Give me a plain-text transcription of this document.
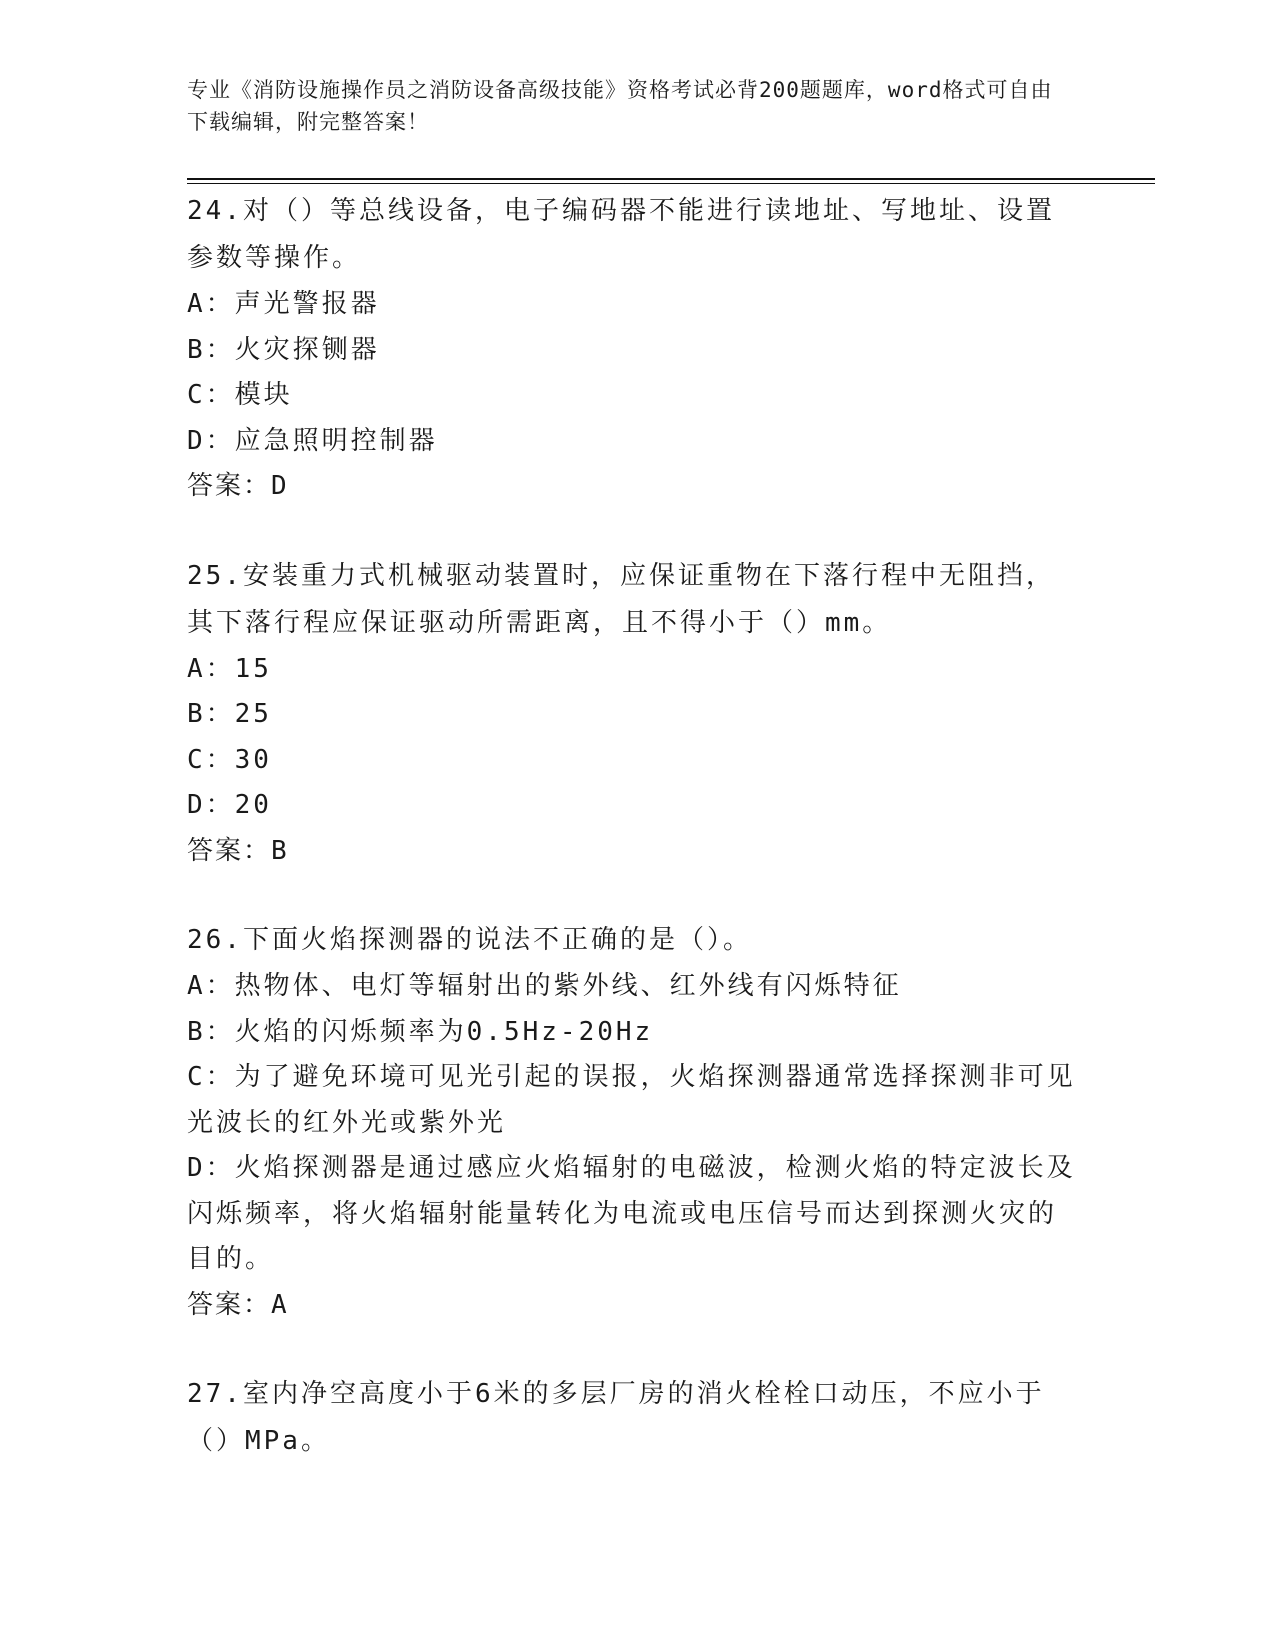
专业《消防设施操作员之消防设备高级技能》资格考试必背200题题库，word格式可自由下载编辑，附完整答案！
24.对（）等总线设备，电子编码器不能进行读地址、写地址、设置参数等操作。
A：声光警报器
B：火灾探铡器
C：模块
D：应急照明控制器
答案：D
25.安装重力式机械驱动装置时，应保证重物在下落行程中无阻挡，其下落行程应保证驱动所需距离，且不得小于（）mm。
A：15
B：25
C：30
D：20
答案：B
26.下面火焰探测器的说法不正确的是（）。
A：热物体、电灯等辐射出的紫外线、红外线有闪烁特征
B：火焰的闪烁频率为0.5Hz-20Hz
C：为了避免环境可见光引起的误报，火焰探测器通常选择探测非可见光波长的红外光或紫外光
D：火焰探测器是通过感应火焰辐射的电磁波，检测火焰的特定波长及闪烁频率，将火焰辐射能量转化为电流或电压信号而达到探测火灾的目的。
答案：A
27.室内净空高度小于6米的多层厂房的消火栓栓口动压，不应小于（）MPa。
